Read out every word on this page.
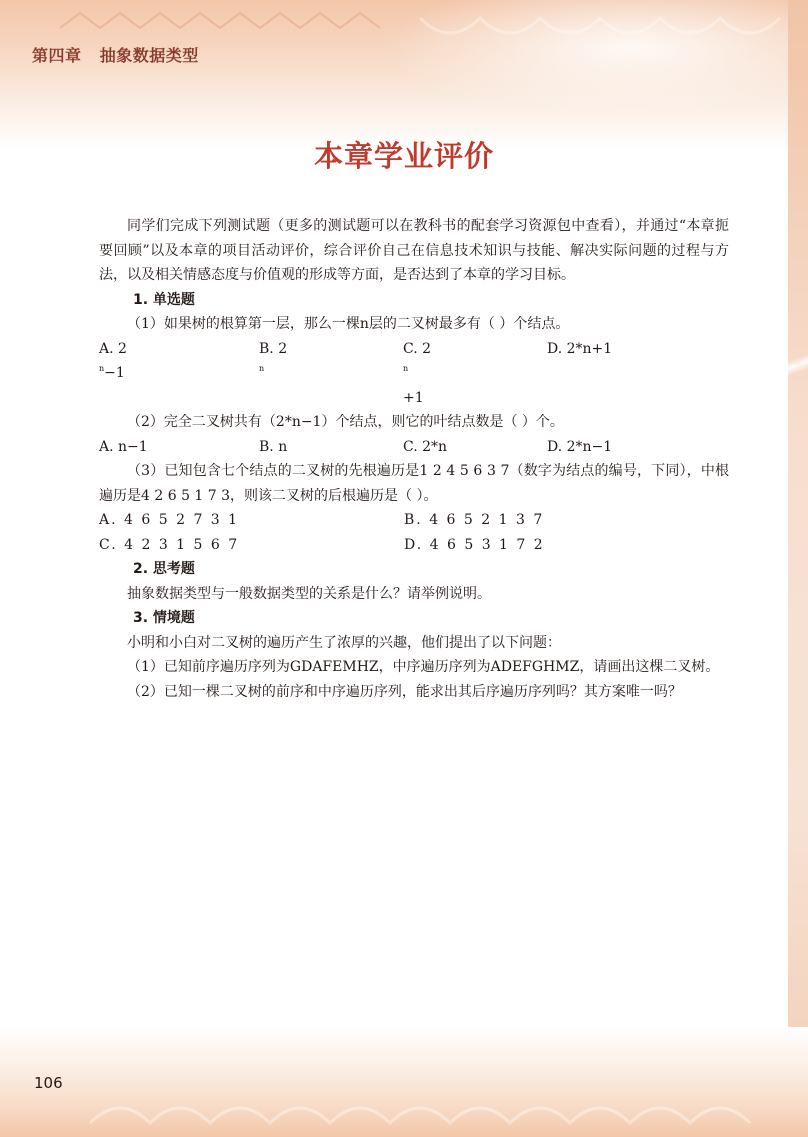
第四章   抽象数据类型
106
本章学业评价

同学们完成下列测试题（更多的测试题可以在教科书的配套学习资源包中查看），并通过“本章扼要回顾”以及本章的项目活动评价，综合评价自己在信息技术知识与技能、解决实际问题的过程与方法，以及相关情感态度与价值观的形成等方面，是否达到了本章的学习目标。

1. 单选题

（1）如果树的根算第一层，那么一棵n层的二叉树最多有（ ）个结点。

A. $2^n-1$
B. 2$^n$
C. $2^n+1$
D. 2*n+1

（2）完全二叉树共有（2*n−1）个结点，则它的叶结点数是（ ）个。

A. n−1	B. n	C. 2*n	D. 2*n−1

（3）已知包含七个结点的二叉树的先根遍历是1 2 4 5 6 3 7（数字为结点的编号，下同），中根遍历是4 2 6 5 1 7 3，则该二叉树的后根遍历是（ ）。

A. 4 6 5 2 7 3 1	B. 4 6 5 2 1 3 7
C. 4 2 3 1 5 6 7	D. 4 6 5 3 1 7 2

2. 思考题

抽象数据类型与一般数据类型的关系是什么？请举例说明。

3. 情境题

小明和小白对二叉树的遍历产生了浓厚的兴趣，他们提出了以下问题：

（1）已知前序遍历序列为GDAFEMHZ，中序遍历序列为ADEFGHMZ，请画出这棵二叉树。

（2）已知一棵二叉树的前序和中序遍历序列，能求出其后序遍历序列吗？其方案唯一吗？
